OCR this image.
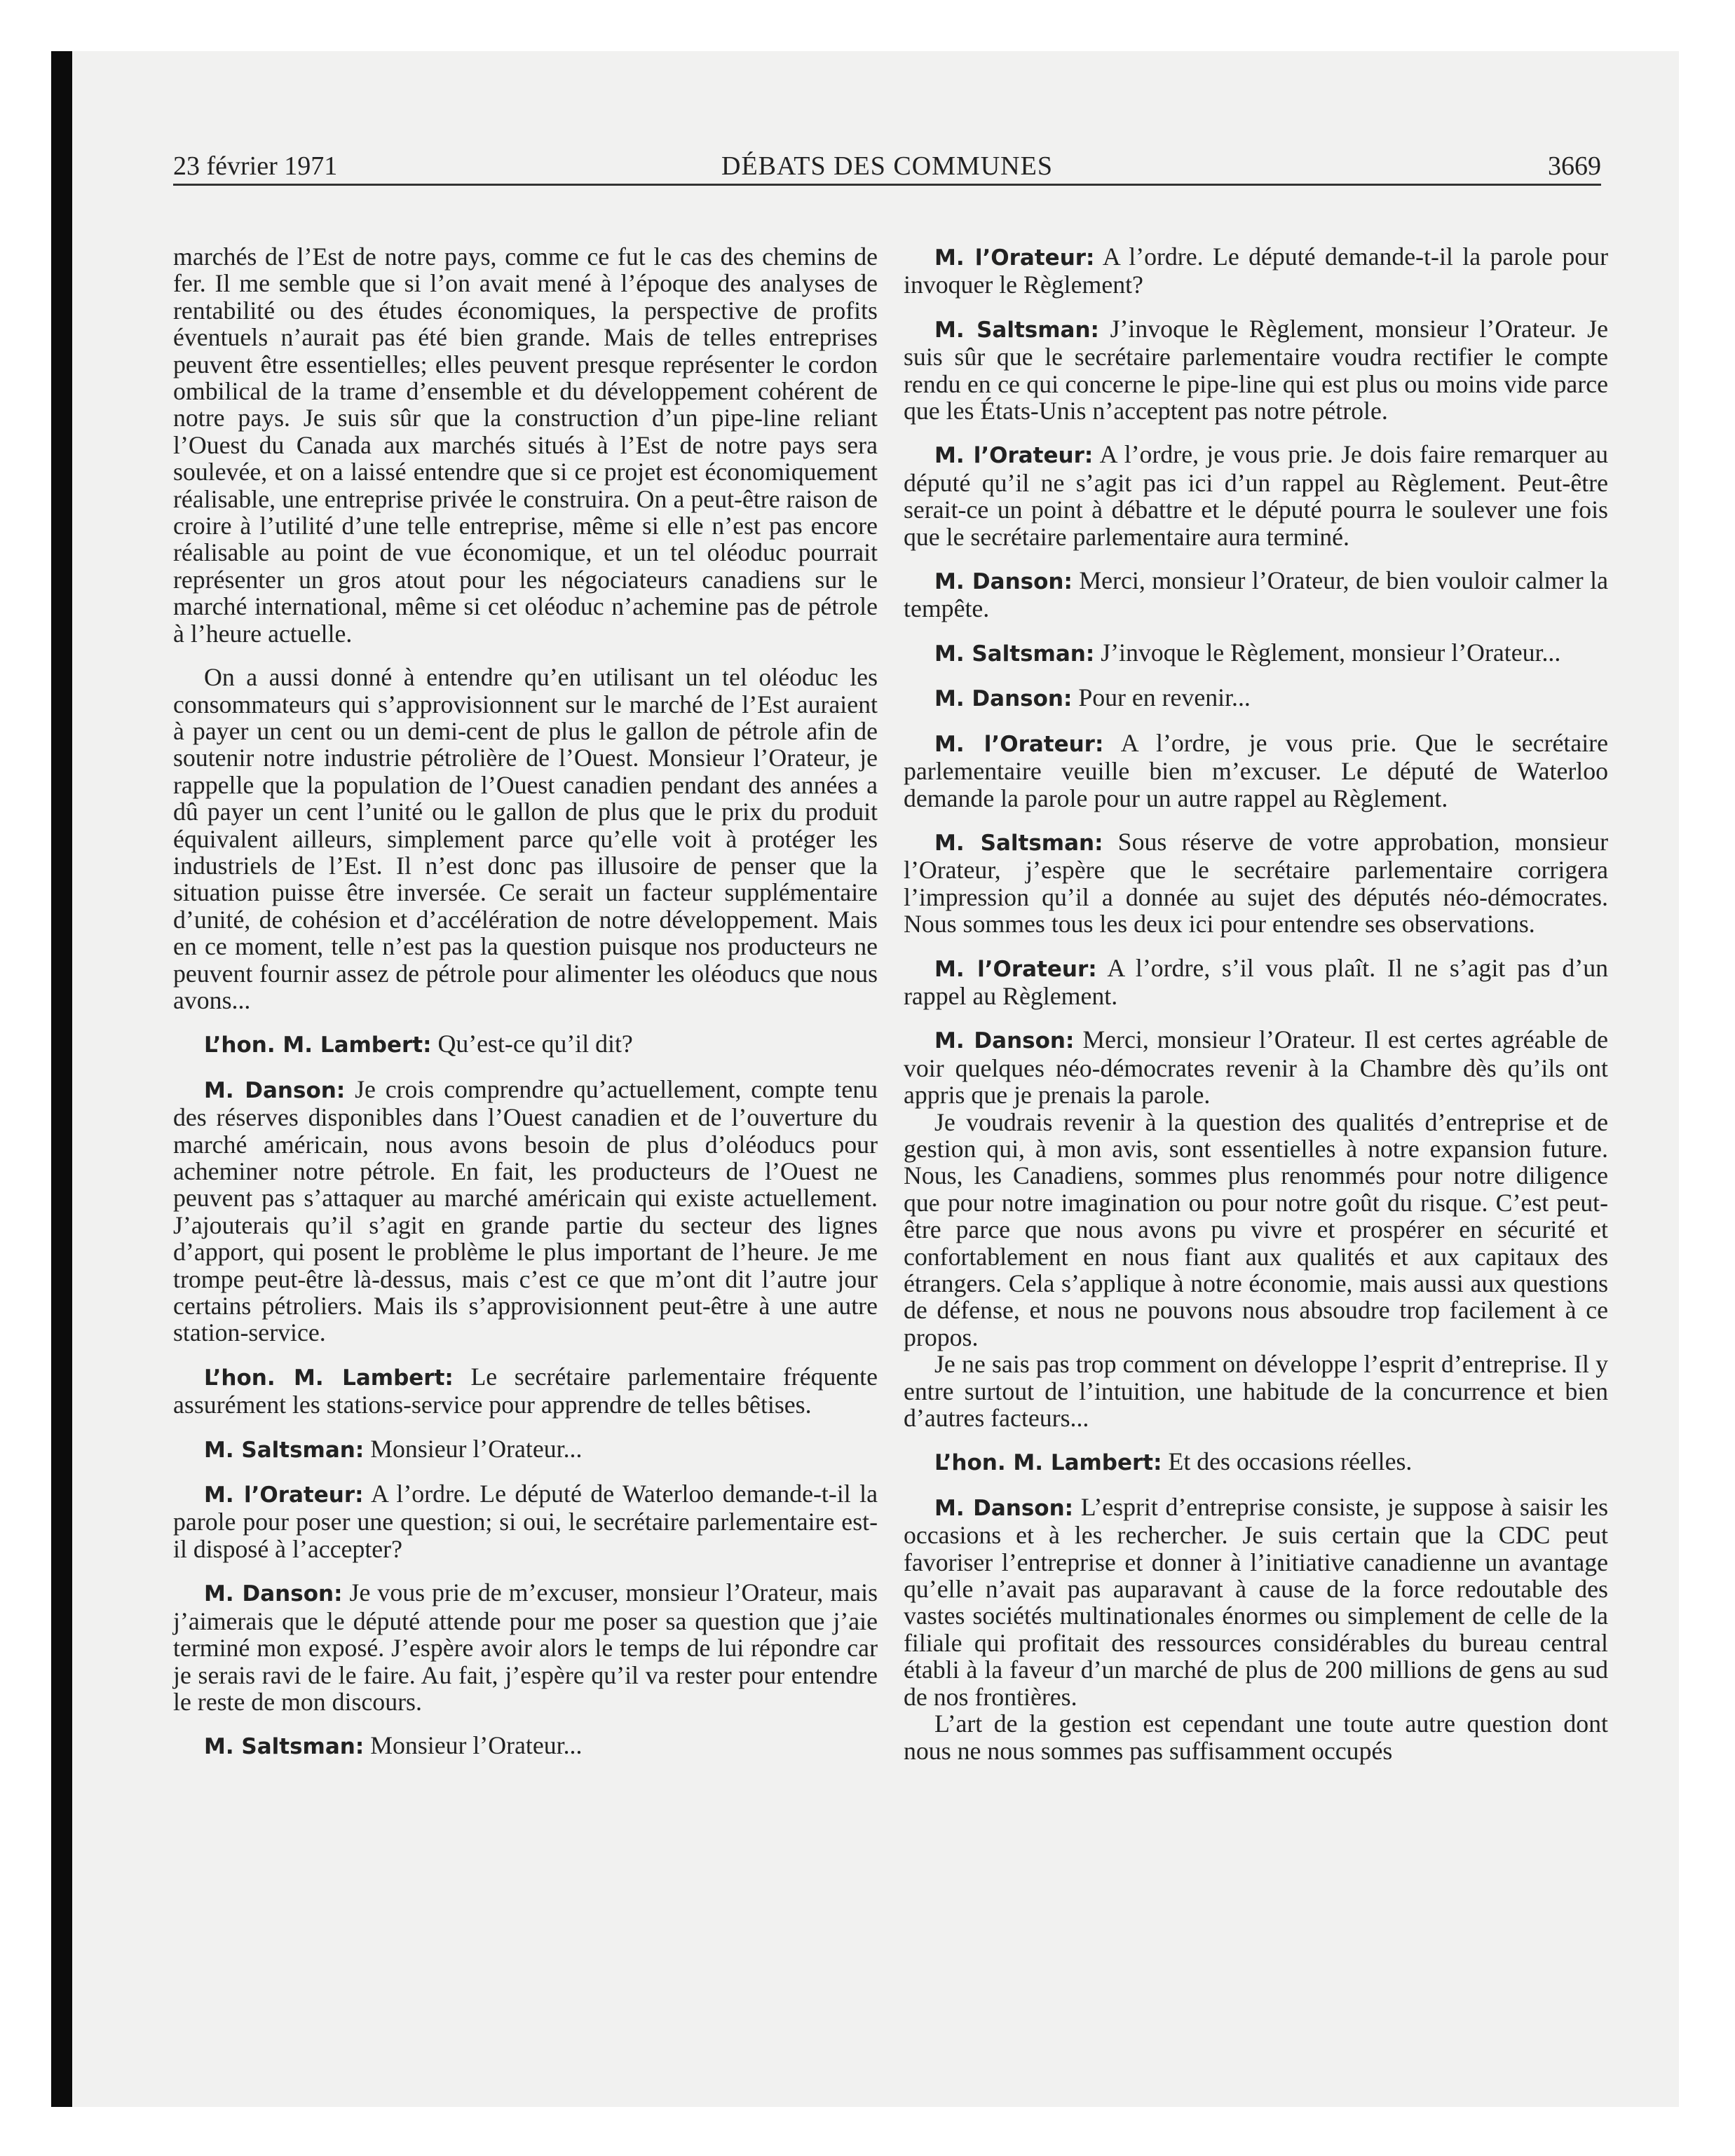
23 février 1971	DÉBATS DES COMMUNES	3669

marchés de l’Est de notre pays, comme ce fut le cas des chemins de fer. Il me semble que si l’on avait mené à l’époque des analyses de rentabilité ou des études économiques, la perspective de profits éventuels n’aurait pas été bien grande. Mais de telles entreprises peuvent être essentielles; elles peuvent presque représenter le cordon ombilical de la trame d’ensemble et du développement cohérent de notre pays. Je suis sûr que la construction d’un pipe-line reliant l’Ouest du Canada aux marchés situés à l’Est de notre pays sera soulevée, et on a laissé entendre que si ce projet est économiquement réalisable, une entreprise privée le construira. On a peut-être raison de croire à l’utilité d’une telle entreprise, même si elle n’est pas encore réalisable au point de vue économique, et un tel oléoduc pourrait représenter un gros atout pour les négociateurs canadiens sur le marché international, même si cet oléoduc n’achemine pas de pétrole à l’heure actuelle.

On a aussi donné à entendre qu’en utilisant un tel oléoduc les consommateurs qui s’approvisionnent sur le marché de l’Est auraient à payer un cent ou un demi-cent de plus le gallon de pétrole afin de soutenir notre industrie pétrolière de l’Ouest. Monsieur l’Orateur, je rappelle que la population de l’Ouest canadien pendant des années a dû payer un cent l’unité ou le gallon de plus que le prix du produit équivalent ailleurs, simplement parce qu’elle voit à protéger les industriels de l’Est. Il n’est donc pas illusoire de penser que la situation puisse être inversée. Ce serait un facteur supplémentaire d’unité, de cohésion et d’accélération de notre développement. Mais en ce moment, telle n’est pas la question puisque nos producteurs ne peuvent fournir assez de pétrole pour alimenter les oléoducs que nous avons...

L’hon. M. Lambert: Qu’est-ce qu’il dit?

M. Danson: Je crois comprendre qu’actuellement, compte tenu des réserves disponibles dans l’Ouest canadien et de l’ouverture du marché américain, nous avons besoin de plus d’oléoducs pour acheminer notre pétrole. En fait, les producteurs de l’Ouest ne peuvent pas s’attaquer au marché américain qui existe actuellement. J’ajouterais qu’il s’agit en grande partie du secteur des lignes d’apport, qui posent le problème le plus important de l’heure. Je me trompe peut-être là-dessus, mais c’est ce que m’ont dit l’autre jour certains pétroliers. Mais ils s’approvisionnent peut-être à une autre station-service.

L’hon. M. Lambert: Le secrétaire parlementaire fréquente assurément les stations-service pour apprendre de telles bêtises.

M. Saltsman: Monsieur l’Orateur...

M. l’Orateur: A l’ordre. Le député de Waterloo demande-t-il la parole pour poser une question; si oui, le secrétaire parlementaire est-il disposé à l’accepter?

M. Danson: Je vous prie de m’excuser, monsieur l’Orateur, mais j’aimerais que le député attende pour me poser sa question que j’aie terminé mon exposé. J’espère avoir alors le temps de lui répondre car je serais ravi de le faire. Au fait, j’espère qu’il va rester pour entendre le reste de mon discours.

M. Saltsman: Monsieur l’Orateur...

M. l’Orateur: A l’ordre. Le député demande-t-il la parole pour invoquer le Règlement?

M. Saltsman: J’invoque le Règlement, monsieur l’Orateur. Je suis sûr que le secrétaire parlementaire voudra rectifier le compte rendu en ce qui concerne le pipe-line qui est plus ou moins vide parce que les États-Unis n’acceptent pas notre pétrole.

M. l’Orateur: A l’ordre, je vous prie. Je dois faire remarquer au député qu’il ne s’agit pas ici d’un rappel au Règlement. Peut-être serait-ce un point à débattre et le député pourra le soulever une fois que le secrétaire parlementaire aura terminé.

M. Danson: Merci, monsieur l’Orateur, de bien vouloir calmer la tempête.

M. Saltsman: J’invoque le Règlement, monsieur l’Orateur...

M. Danson: Pour en revenir...

M. l’Orateur: A l’ordre, je vous prie. Que le secrétaire parlementaire veuille bien m’excuser. Le député de Waterloo demande la parole pour un autre rappel au Règlement.

M. Saltsman: Sous réserve de votre approbation, monsieur l’Orateur, j’espère que le secrétaire parlementaire corrigera l’impression qu’il a donnée au sujet des députés néo-démocrates. Nous sommes tous les deux ici pour entendre ses observations.

M. l’Orateur: A l’ordre, s’il vous plaît. Il ne s’agit pas d’un rappel au Règlement.

M. Danson: Merci, monsieur l’Orateur. Il est certes agréable de voir quelques néo-démocrates revenir à la Chambre dès qu’ils ont appris que je prenais la parole.

Je voudrais revenir à la question des qualités d’entreprise et de gestion qui, à mon avis, sont essentielles à notre expansion future. Nous, les Canadiens, sommes plus renommés pour notre diligence que pour notre imagination ou pour notre goût du risque. C’est peut-être parce que nous avons pu vivre et prospérer en sécurité et confortablement en nous fiant aux qualités et aux capitaux des étrangers. Cela s’applique à notre économie, mais aussi aux questions de défense, et nous ne pouvons nous absoudre trop facilement à ce propos.

Je ne sais pas trop comment on développe l’esprit d’entreprise. Il y entre surtout de l’intuition, une habitude de la concurrence et bien d’autres facteurs...

L’hon. M. Lambert: Et des occasions réelles.

M. Danson: L’esprit d’entreprise consiste, je suppose à saisir les occasions et à les rechercher. Je suis certain que la CDC peut favoriser l’entreprise et donner à l’initiative canadienne un avantage qu’elle n’avait pas auparavant à cause de la force redoutable des vastes sociétés multinationales énormes ou simplement de celle de la filiale qui profitait des ressources considérables du bureau central établi à la faveur d’un marché de plus de 200 millions de gens au sud de nos frontières.

L’art de la gestion est cependant une toute autre question dont nous ne nous sommes pas suffisamment occupés
